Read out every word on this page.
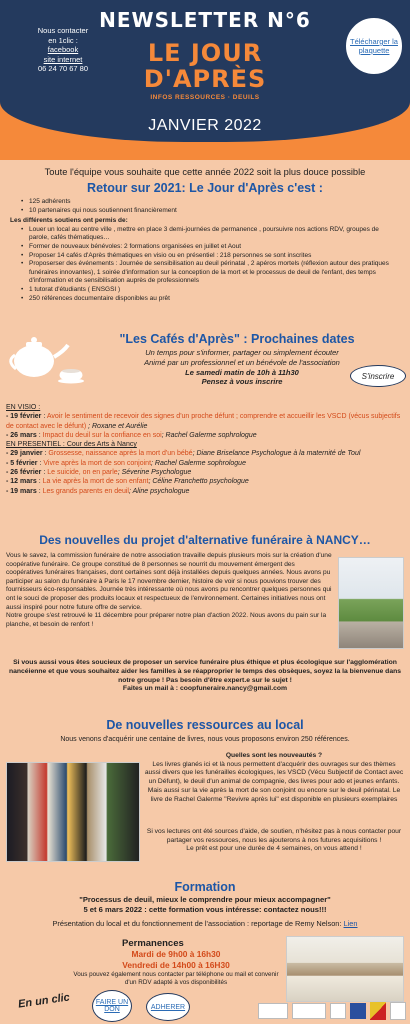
NEWSLETTER N°6
Nous contacter
en 1clic :
facebook
site internet
06 24 70 67 80
LE JOUR
D'APRÈS
INFOS RESSOURCES · DEUILS
Télécharger la plaquette
JANVIER 2022
Toute l'équipe vous souhaite que cette année 2022 soit la plus douce possible
Retour sur 2021: Le Jour d'Après c'est :
• 125 adhérents
• 10 partenaires qui nous soutiennent financièrement
Les différents soutiens ont permis de:
• Louer un local au centre ville , mettre en place 3 demi-journées de permanence , poursuivre nos actions RDV, groupes de parole, cafés thématiques…
• Former de nouveaux bénévoles: 2 formations organisées en juillet et Aout
• Proposer 14 cafés d'Après thématiques en visio ou en présentiel : 218 personnes se sont inscrites
• Proposerser des événements : Journée de sensibilisation au deuil périnatal , 2 apéros mortels (réflexion autour des pratiques funéraires innovantes), 1 soirée d'information sur la conception de la mort et le processus de deuil de l'enfant, des temps d'information et de sensibilisation auprès de professionnels
• 1 tutorat d'étudiants ( ENSGSI )
• 250 références documentaire disponibles au prêt
"Les Cafés d'Après" : Prochaines dates
Un temps pour s'informer, partager ou simplement écouter
Animé par un professionnel et un bénévole de l'association
Le samedi matin de 10h à 11h30
Pensez à vous inscrire
S'inscrire
EN VISIO :
- 19 février : Avoir le sentiment de recevoir des signes d'un proche défunt ; comprendre et accueillir les VSCD (vécus subjectifs de contact avec le défunt) ; Roxane et Aurélie
- 26 mars : Impact du deuil sur la confiance en soi; Rachel Galerme sophrologue
EN PRESENTIEL : Cour des Arts à Nancy
- 29 janvier : Grossesse, naissance après la mort d'un bébé; Diane Briselance Psychologue à la maternité de Toul
- 5 février : Vivre après la mort de son conjoint; Rachel Galerme sophrologue
- 26 février : Le suicide, on en parle; Séverine Psychologue
- 12 mars : La vie après la mort de son enfant; Céline Franchetto psychologue
- 19 mars : Les grands parents en deuil; Aline psychologue
Des nouvelles du projet d'alternative funéraire à NANCY…
Vous le savez, la commission funéraire de notre association travaille depuis plusieurs mois sur la création d'une coopérative funéraire. Ce groupe constitué de 8 personnes se nourrit du mouvement émergent des coopératives funéraires françaises, dont certaines sont déjà installées depuis quelques années. Nous avons pu participer au salon du funéraire à Paris le 17 novembre dernier, histoire de voir si nous pouvions trouver des fournisseurs éco-responsables. Journée très intéressante où nous avons pu rencontrer quelques personnes qui ont le souci de proposer des produits locaux et respectueux de l'environnement. Certaines initiatives nous ont aussi inspiré pour notre future offre de service.
Notre groupe s'est retrouvé le 11 décembre pour préparer notre plan d'action 2022. Nous avons du pain sur la planche, et besoin de renfort !
Si vous aussi vous êtes soucieux de proposer un service funéraire plus éthique et plus écologique sur l'agglomération nancéienne et que vous souhaitez aider les familles à se réapproprier le temps des obsèques, soyez la la bienvenue dans notre groupe ! Pas besoin d'être expert.e sur le sujet !
Faites un mail à : coopfuneraire.nancy@gmail.com
De nouvelles ressources au local
Nous venons d'acquérir une centaine de livres, nous vous proposons environ 250 références.
Quelles sont les nouveautés ?
Les livres glanés ici et là nous permettent d'acquérir des ouvrages sur des thèmes aussi divers que les funérailles écologiques, les VSCD (Vécu Subjectif de Contact avec un Défunt), le deuil d'un animal de compagnie, des livres pour ado et jeunes enfants. Mais aussi sur la vie après la mort de son conjoint ou encore sur le deuil périnatal. Le livre de Rachel Galerme "Revivre après lui" est disponible en plusieurs exemplaires
Si vos lectures ont été sources d'aide, de soutien, n'hésitez pas à nous contacter pour partager vos ressources, nous les ajouterons à nos futures acquisitions !
Le prêt est pour une durée de 4 semaines, on vous attend !
Formation
"Processus de deuil, mieux le comprendre pour mieux accompagner"
5 et 6 mars 2022 : cette formation vous intéresse: contactez nous!!!
Présentation du local et du fonctionnement de l'association : reportage de Remy Nelson: Lien
Permanences
Mardi de 9h00 à 16h30
Vendredi de 14h00 à 16H30
Vous pouvez également nous contacter par téléphone ou mail et convenir d'un RDV adapté à vos disponibilités
En un clic	FAIRE UN DON	ADHERER
